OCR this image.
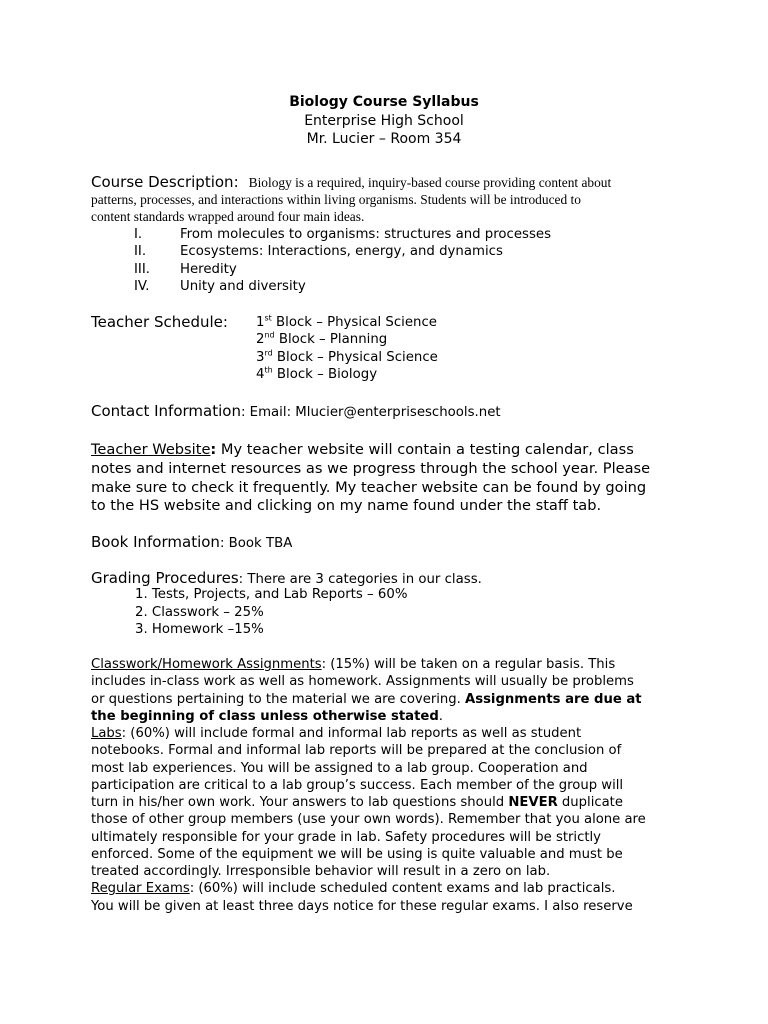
Biology Course Syllabus
Enterprise High School
Mr. Lucier – Room 354
Course Description: Biology is a required, inquiry-based course providing content about
patterns, processes, and interactions within living organisms. Students will be introduced to
content standards wrapped around four main ideas.
I.	From molecules to organisms: structures and processes
II.	Ecosystems: Interactions, energy, and dynamics
III. Heredity
IV. Unity and diversity
Teacher Schedule: 1st Block – Physical Science
2nd Block – Planning
3rd Block – Physical Science
4th Block – Biology
Contact Information: Email: Mlucier@enterpriseschools.net
Teacher Website: My teacher website will contain a testing calendar, class
notes and internet resources as we progress through the school year. Please
make sure to check it frequently. My teacher website can be found by going
to the HS website and clicking on my name found under the staff tab.
Book Information: Book TBA
Grading Procedures: There are 3 categories in our class.
1. Tests, Projects, and Lab Reports – 60%
2. Classwork – 25%
3. Homework –15%
Classwork/Homework Assignments: (15%) will be taken on a regular basis. This
includes in-class work as well as homework. Assignments will usually be problems
or questions pertaining to the material we are covering. Assignments are due at
the beginning of class unless otherwise stated.
Labs: (60%) will include formal and informal lab reports as well as student
notebooks. Formal and informal lab reports will be prepared at the conclusion of
most lab experiences. You will be assigned to a lab group. Cooperation and
participation are critical to a lab group’s success. Each member of the group will
turn in his/her own work. Your answers to lab questions should NEVER duplicate
those of other group members (use your own words). Remember that you alone are
ultimately responsible for your grade in lab. Safety procedures will be strictly
enforced. Some of the equipment we will be using is quite valuable and must be
treated accordingly. Irresponsible behavior will result in a zero on lab.
Regular Exams: (60%) will include scheduled content exams and lab practicals.
You will be given at least three days notice for these regular exams. I also reserve
